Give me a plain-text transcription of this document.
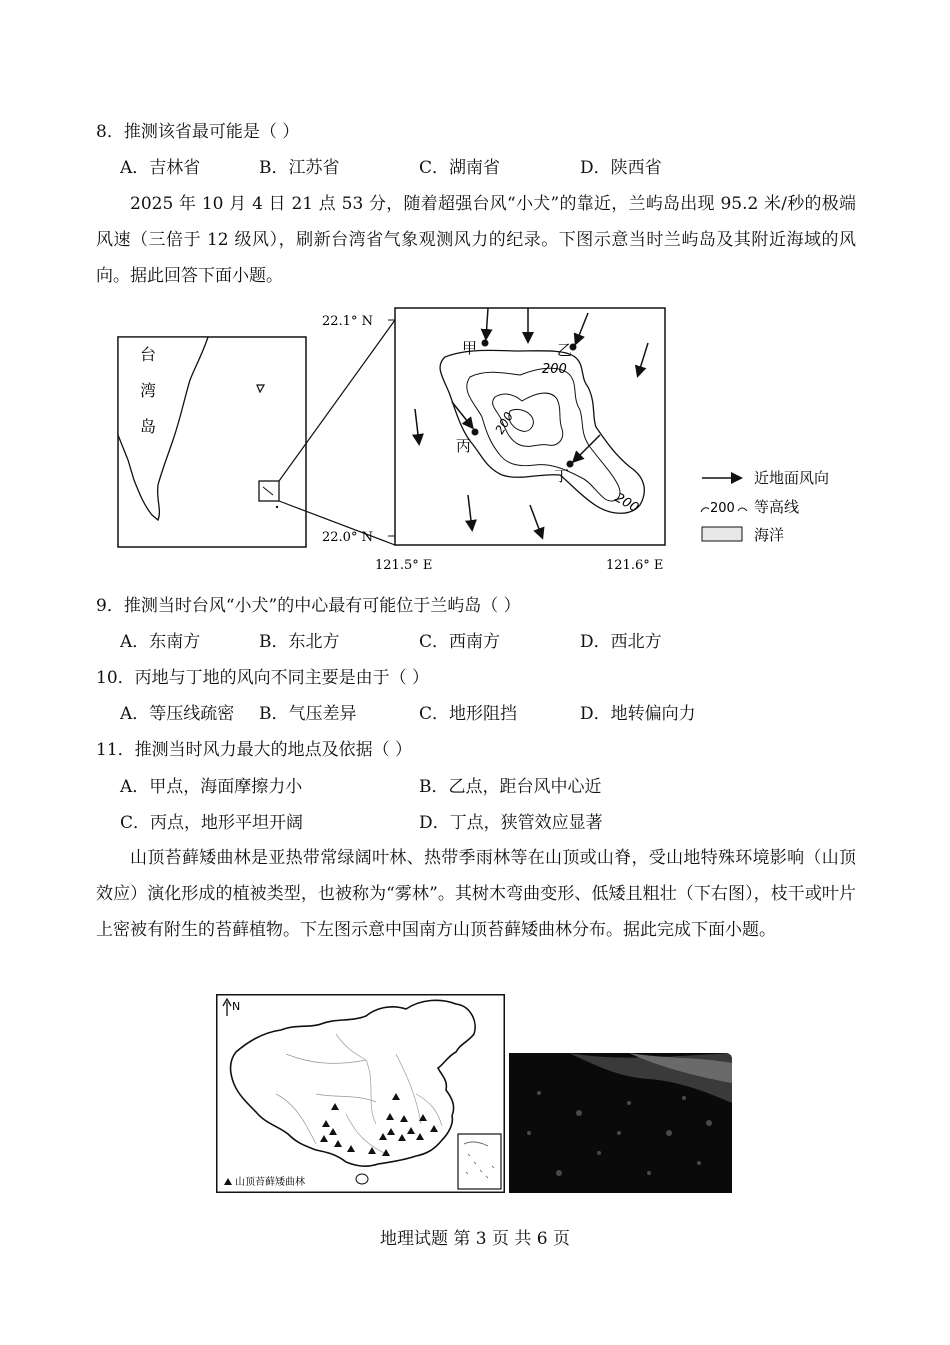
8．推测该省最可能是（ ）
A．吉林省	B．江苏省	C．湖南省	D．陕西省
2025 年 10 月 4 日 21 点 53 分，随着超强台风“小犬”的靠近，兰屿岛出现 95.2 米/秒的极端风速（三倍于 12 级风），刷新台湾省气象观测风力的纪录。下图示意当时兰屿岛及其附近海域的风向。据此回答下面小题。
台
湾
岛
22.1° N
22.0° N
121.5° E	121.6° E
200
200
200
甲	乙
丙
丁	近地面风向
200 等高线
海洋
9．推测当时台风“小犬”的中心最有可能位于兰屿岛（ ）
A．东南方	B．东北方	C．西南方	D．西北方
10．丙地与丁地的风向不同主要是由于（ ）
A．等压线疏密 B．气压差异	C．地形阻挡	D．地转偏向力
11．推测当时风力最大的地点及依据（ ）
A．甲点，海面摩擦力小	B．乙点，距台风中心近
C．丙点，地形平坦开阔	D．丁点，狭管效应显著
山顶苔藓矮曲林是亚热带常绿阔叶林、热带季雨林等在山顶或山脊，受山地特殊环境影响（山顶效应）演化形成的植被类型，也被称为“雾林”。其树木弯曲变形、低矮且粗壮（下右图），枝干或叶片上密被有附生的苔藓植物。下左图示意中国南方山顶苔藓矮曲林分布。据此完成下面小题。
N
山顶苔藓矮曲林
地理试题 第 3 页 共 6 页
